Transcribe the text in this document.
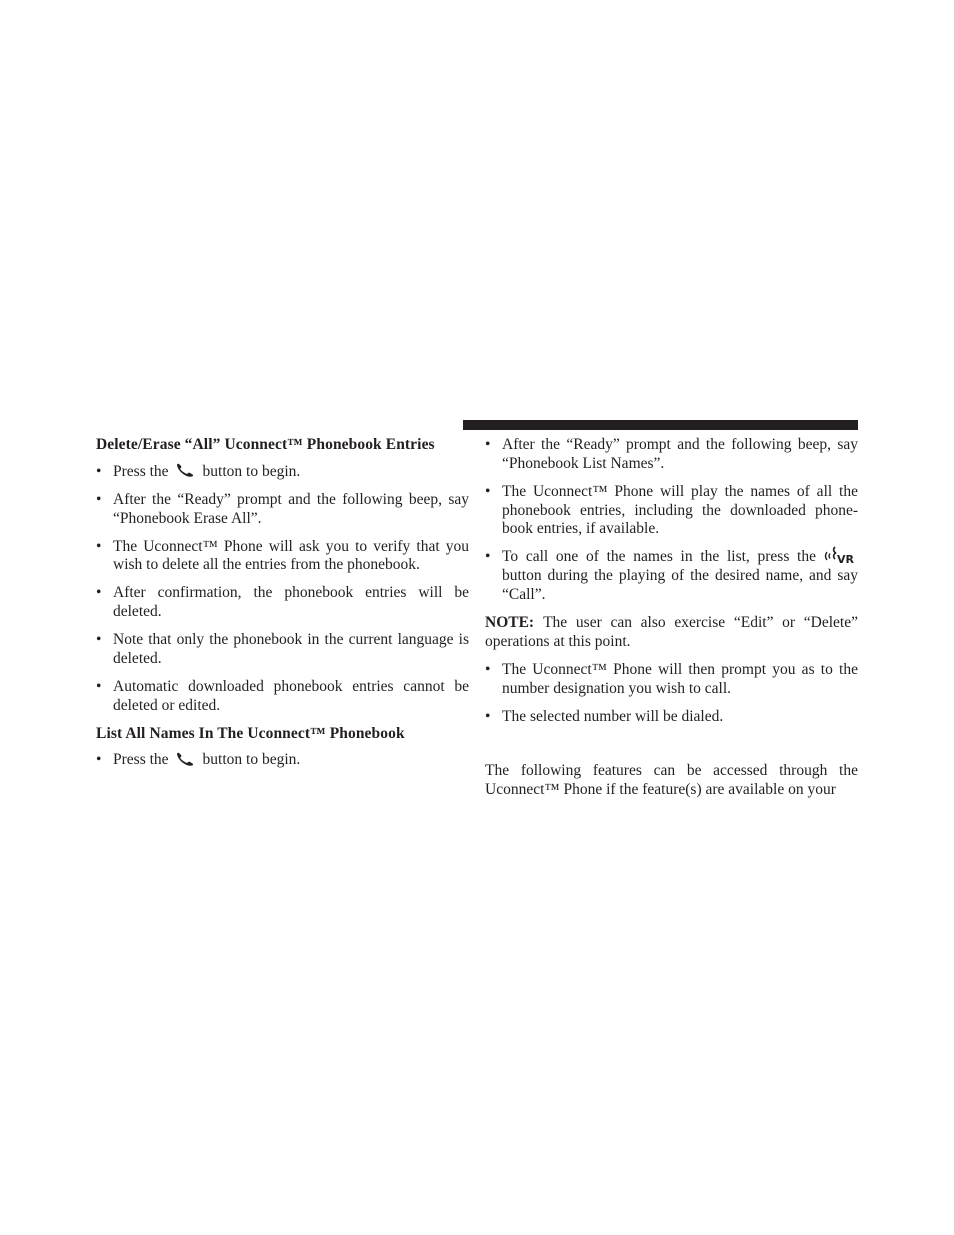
Delete/Erase “All” Uconnect™ Phonebook Entries
• Press the button to begin.
• After the “Ready” prompt and the following beep, say “Phonebook Erase All”.
• The Uconnect™ Phone will ask you to verify that you wish to delete all the entries from the phonebook.
• After confirmation, the phonebook entries will be deleted.
• Note that only the phonebook in the current language is deleted.
• Automatic downloaded phonebook entries cannot be deleted or edited.
List All Names In The Uconnect™ Phonebook
• Press the button to begin.
• After the “Ready” prompt and the following beep, say “Phonebook List Names”.
• The Uconnect™ Phone will play the names of all the phonebook entries, including the downloaded phone-book entries, if available.
• To call one of the names in the list, press the VR
button during the playing of the desired name, and say “Call”.
NOTE: The user can also exercise “Edit” or “Delete” operations at this point.
• The Uconnect™ Phone will then prompt you as to the number designation you wish to call.
• The selected number will be dialed.
The following features can be accessed through the Uconnect™ Phone if the feature(s) are available on your
